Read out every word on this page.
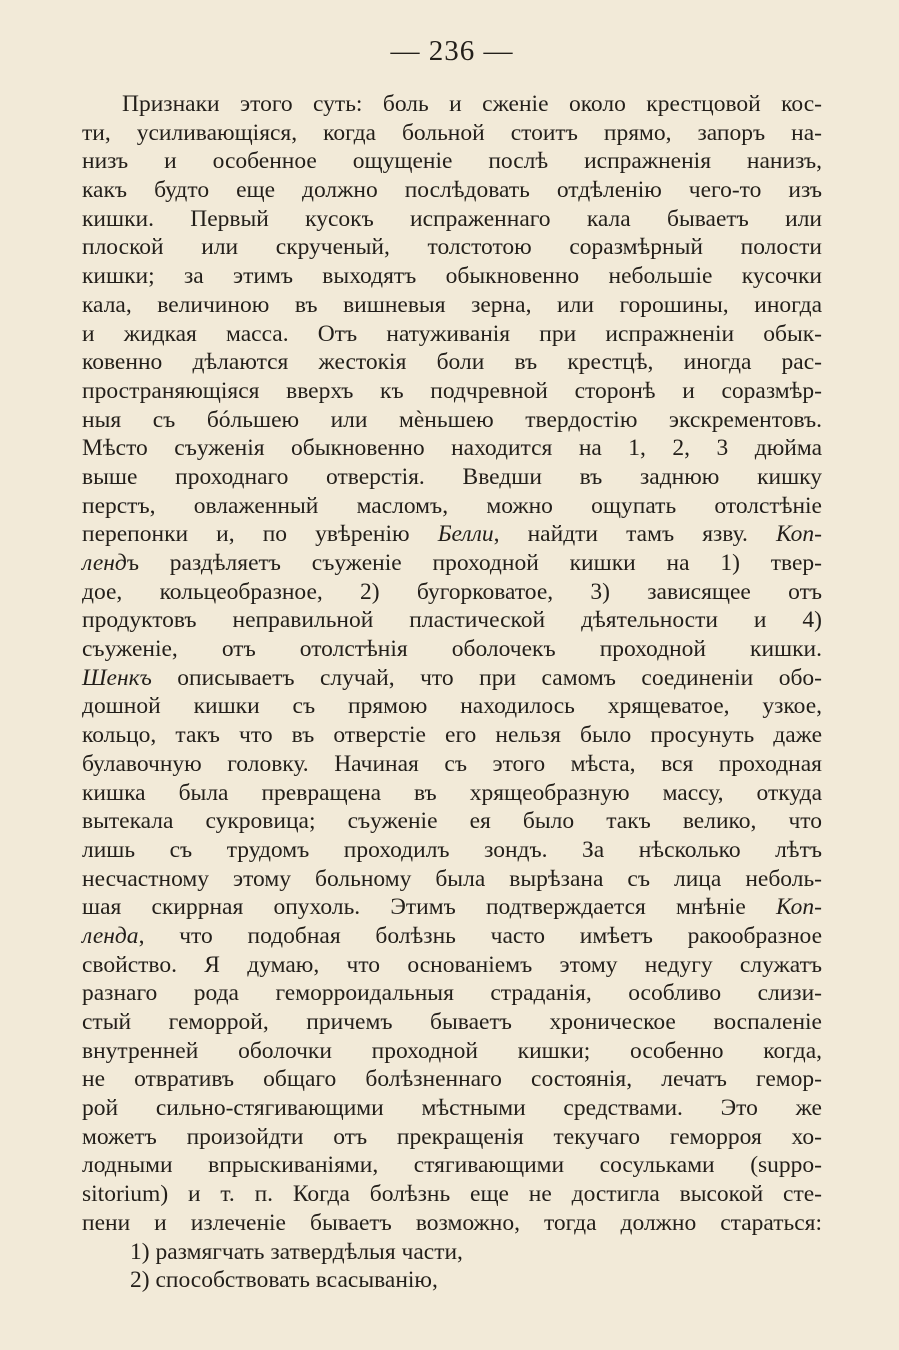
— 236 —
Признаки этого суть: боль и сженіе около крестцовой кос-
ти, усиливающіяся, когда больной стоитъ прямо, запоръ на-
низъ и особенное ощущеніе послѣ испражненія нанизъ,
какъ будто еще должно послѣдовать отдѣленію чего-то изъ
кишки. Первый кусокъ испраженнаго кала бываетъ или
плоской или скрученый, толстотою соразмѣрный полости
кишки; за этимъ выходятъ обыкновенно небольшіе кусочки
кала, величиною въ вишневыя зерна, или горошины, иногда
и жидкая масса. Отъ натуживанія при испражненіи обык-
ковенно дѣлаются жестокія боли въ крестцѣ, иногда рас-
пространяющіяся вверхъ къ подчревной сторонѣ и соразмѣр-
ныя съ бóльшею или мѐньшею твердостію экскрементовъ.
Мѣсто съуженія обыкновенно находится на 1, 2, 3 дюйма
выше проходнаго отверстія. Введши въ заднюю кишку
перстъ, овлаженный масломъ, можно ощупать отолстѣніе
перепонки и, по увѣренію Белли, найдти тамъ язву. Коп-
лендъ раздѣляетъ съуженіе проходной кишки на 1) твер-
дое, кольцеобразное, 2) бугорковатое, 3) зависящее отъ
продуктовъ неправильной пластической дѣятельности и 4)
съуженіе, отъ отолстѣнія оболочекъ проходной кишки.
Шенкъ описываетъ случай, что при самомъ соединеніи обо-
дошной кишки съ прямою находилось хрящеватое, узкое,
кольцо, такъ что въ отверстіе его нельзя было просунуть даже
булавочную головку. Начиная съ этого мѣста, вся проходная
кишка была превращена въ хрящеобразную массу, откуда
вытекала сукровица; съуженіе ея было такъ велико, что
лишь съ трудомъ проходилъ зондъ. За нѣсколько лѣтъ
несчастному этому больному была вырѣзана съ лица неболь-
шая скиррная опухоль. Этимъ подтверждается мнѣніе Коп-
ленда, что подобная болѣзнь часто имѣетъ ракообразное
свойство. Я думаю, что основаніемъ этому недугу служатъ
разнаго рода геморроидальныя страданія, особливо слизи-
стый геморрой, причемъ бываетъ хроническое воспаленіе
внутренней оболочки проходной кишки; особенно когда,
не отвративъ общаго болѣзненнаго состоянія, лечатъ гемор-
рой сильно-стягивающими мѣстными средствами. Это же
можетъ произойдти отъ прекращенія текучаго геморроя хо-
лодными впрыскиваніями, стягивающими сосульками (suppo-
sitorium) и т. п. Когда болѣзнь еще не достигла высокой сте-
пени и излеченіе бываетъ возможно, тогда должно стараться:
1) размягчать затвердѣлыя части,
2) способствовать всасыванію,
